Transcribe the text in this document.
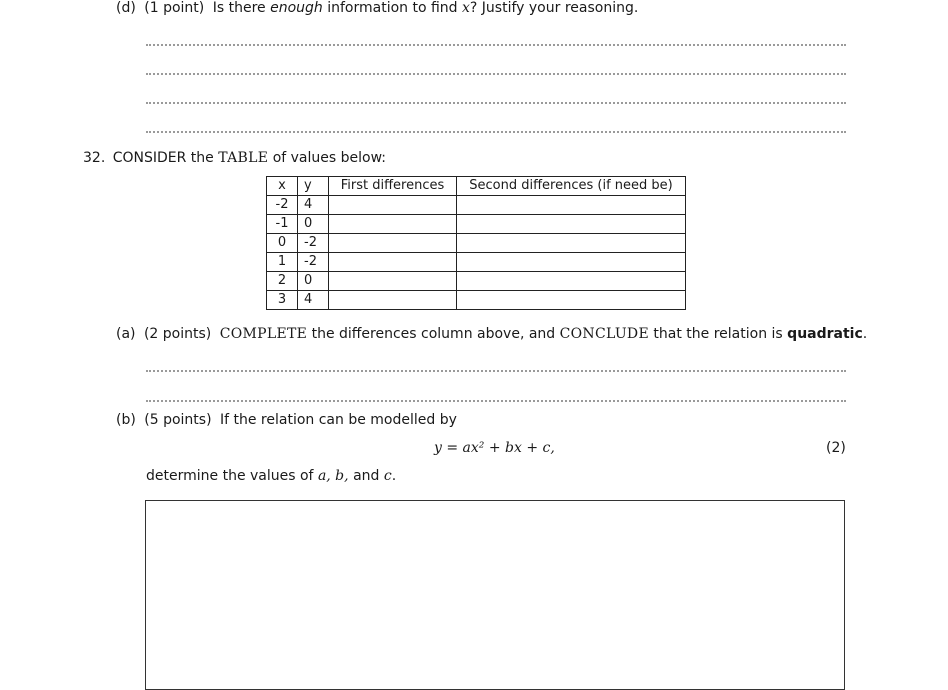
(d) (1 point) Is there enough information to find x? Justify your reasoning.
32. CONSIDER the TABLE of values below:
x	y	First differences	Second differences (if need be)
-2	4		
-1	0		
0	-2		
1	-2		
2	0		
3	4		
(a) (2 points) COMPLETE the differences column above, and CONCLUDE that the relation is quadratic.
(b) (5 points) If the relation can be modelled by
y = ax² + bx + c,	(2)
determine the values of a, b, and c.
